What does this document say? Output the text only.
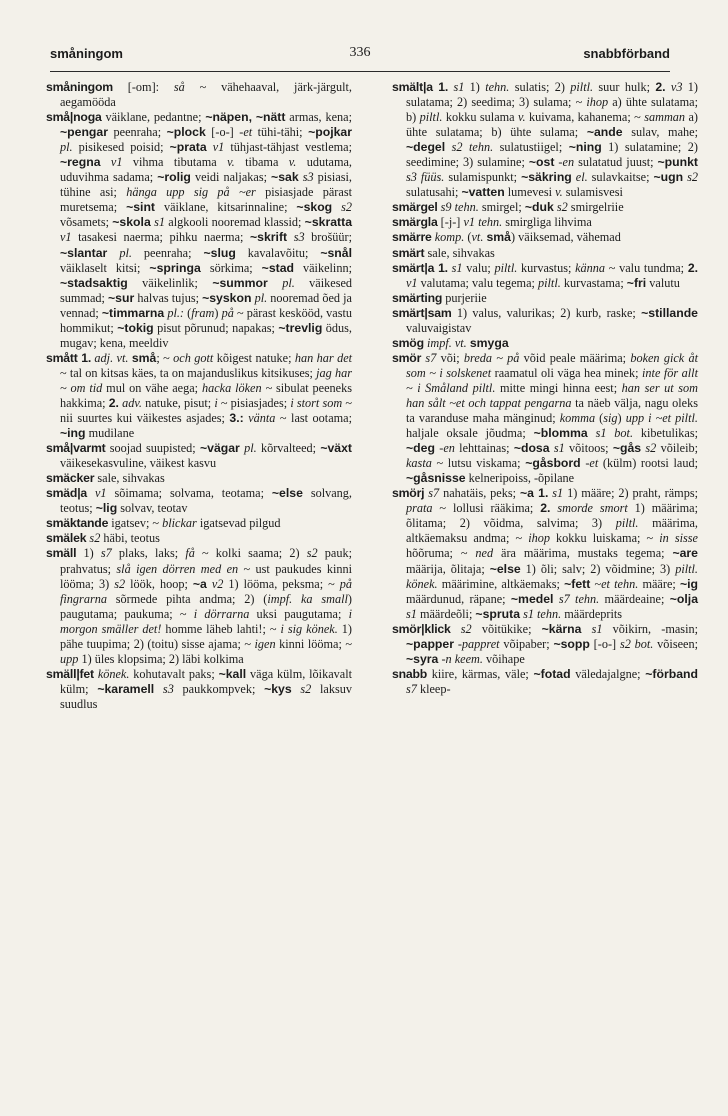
småningom	336	snabbförband

småningom [-om]: så ~ vähehaaval, järk-järgult, aegamööda

små|noga väiklane, pedantne; ~näpen, ~nätt armas, kena; ~pengar peenraha; ~plock [-o-] -et tühi-tähi; ~pojkar pl. pisikesed poisid; ~prata v1 tühjast-tähjast vestlema; ~regna v1 vihma tibutama v. tibama v. udutama, uduvihma sadama; ~rolig veidi naljakas; ~sak s3 pisiasi, tühine asi; hänga upp sig på ~er pisiasjade pärast muretsema; ~sint väiklane, kitsarinnaline; ~skog s2 võsamets; ~skola s1 algkooli nooremad klassid; ~skratta v1 tasakesi naerma; pihku naerma; ~skrift s3 brošüür; ~slantar pl. peenraha; ~slug kavalavõitu; ~snål väiklaselt kitsi; ~springa sörkima; ~stad väikelinn; ~stadsaktig väikelinlik; ~summor pl. väikesed summad; ~sur halvas tujus; ~syskon pl. nooremad õed ja vennad; ~timmarna pl.: (fram) på ~ pärast keskööd, vastu hommikut; ~tokig pisut põrunud; napakas; ~trevlig ödus, mugav; kena, meeldiv

smått 1. adj. vt. små; ~ och gott kõigest natuke; han har det ~ tal on kitsas käes, ta on majanduslikus kitsikuses; jag har ~ om tid mul on vähe aega; hacka löken ~ sibulat peeneks hakkima; 2. adv. natuke, pisut; i ~ pisiasjades; i stort som ~ nii suurtes kui väikestes asjades; 3.: vänta ~ last ootama; ~ing mudilane

små|varmt soojad suupisted; ~vägar pl. kõrvalteed; ~växt väikesekasvuline, väikest kasvu

smäcker sale, sihvakas

smäd|a v1 sõimama; solvama, teotama; ~else solvang, teotus; ~lig solvav, teotav

smäktande igatsev; ~ blickar igatsevad pilgud

smälek s2 häbi, teotus

smäll 1) s7 plaks, laks; få ~ kolki saama; 2) s2 pauk; prahvatus; slå igen dörren med en ~ ust paukudes kinni lööma; 3) s2 löök, hoop; ~a v2 1) lööma, peksma; ~ på fingrarna sõrmede pihta andma; 2) (impf. ka small) paugutama; paukuma; ~ i dörrarna uksi paugutama; i morgon smäller det! homme läheb lahti!; ~ i sig könek. 1) pähe tuupima; 2) (toitu) sisse ajama; ~ igen kinni lööma; ~ upp 1) üles klopsima; 2) läbi kolkima

smäll|fet könek. kohutavalt paks; ~kall väga külm, lõikavalt külm; ~karamell s3 paukkompvek; ~kys s2 laksuv suudlus

smält|a 1. s1 1) tehn. sulatis; 2) piltl. suur hulk; 2. v3 1) sulatama; 2) seedima; 3) sulama; ~ ihop a) ühte sulatama; b) piltl. kokku sulama v. kuivama, kahanema; ~ samman a) ühte sulatama; b) ühte sulama; ~ande sulav, mahe; ~degel s2 tehn. sulatustiigel; ~ning 1) sulatamine; 2) seedimine; 3) sulamine; ~ost -en sulatatud juust; ~punkt s3 füüs. sulamispunkt; ~säkring el. sulavkaitse; ~ugn s2 sulatusahi; ~vatten lumevesi v. sulamisvesi

smärgel s9 tehn. smirgel; ~duk s2 smirgelriie

smärgla [-j-] v1 tehn. smirgliga lihvima

smärre komp. (vt. små) väiksemad, vähemad

smärt sale, sihvakas

smärt|a 1. s1 valu; piltl. kurvastus; känna ~ valu tundma; 2. v1 valutama; valu tegema; piltl. kurvastama; ~fri valutu

smärting purjeriie

smärt|sam 1) valus, valurikas; 2) kurb, raske; ~stillande valuvaigistav

smög impf. vt. smyga

smör s7 või; breda ~ på võid peale määrima; boken gick åt som ~ i solskenet raamatul oli väga hea minek; inte för allt ~ i Småland piltl. mitte mingi hinna eest; han ser ut som han sålt ~et och tappat pengarna ta näeb välja, nagu oleks ta varanduse maha mänginud; komma (sig) upp i ~et piltl. haljale oksale jõudma; ~blomma s1 bot. kibetulikas; ~deg -en lehttainas; ~dosa s1 võitoos; ~gås s2 võileib; kasta ~ lutsu viskama; ~gåsbord -et (külm) rootsi laud; ~gåsnisse kelneripoiss, -õpilane

smörj s7 nahatäis, peks; ~a 1. s1 1) määre; 2) praht, rämps; prata ~ lollusi rääkima; 2. smorde smort 1) määrima; õlitama; 2) võidma, salvima; 3) piltl. määrima, altkäemaksu andma; ~ ihop kokku luiskama; ~ in sisse hõõruma; ~ ned ära määrima, mustaks tegema; ~are määrija, õlitaja; ~else 1) õli; salv; 2) võidmine; 3) piltl. könek. määrimine, altkäemaks; ~fett ~et tehn. määre; ~ig määrdunud, räpane; ~medel s7 tehn. määrdeaine; ~olja s1 määrdeõli; ~spruta s1 tehn. määrdeprits

smör|klick s2 võitükike; ~kärna s1 võikirn, -masin; ~papper -pappret võipaber; ~sopp [-o-] s2 bot. võiseen; ~syra -n keem. võihape

snabb kiire, kärmas, väle; ~fotad väledajalgne; ~förband s7 kleep-
